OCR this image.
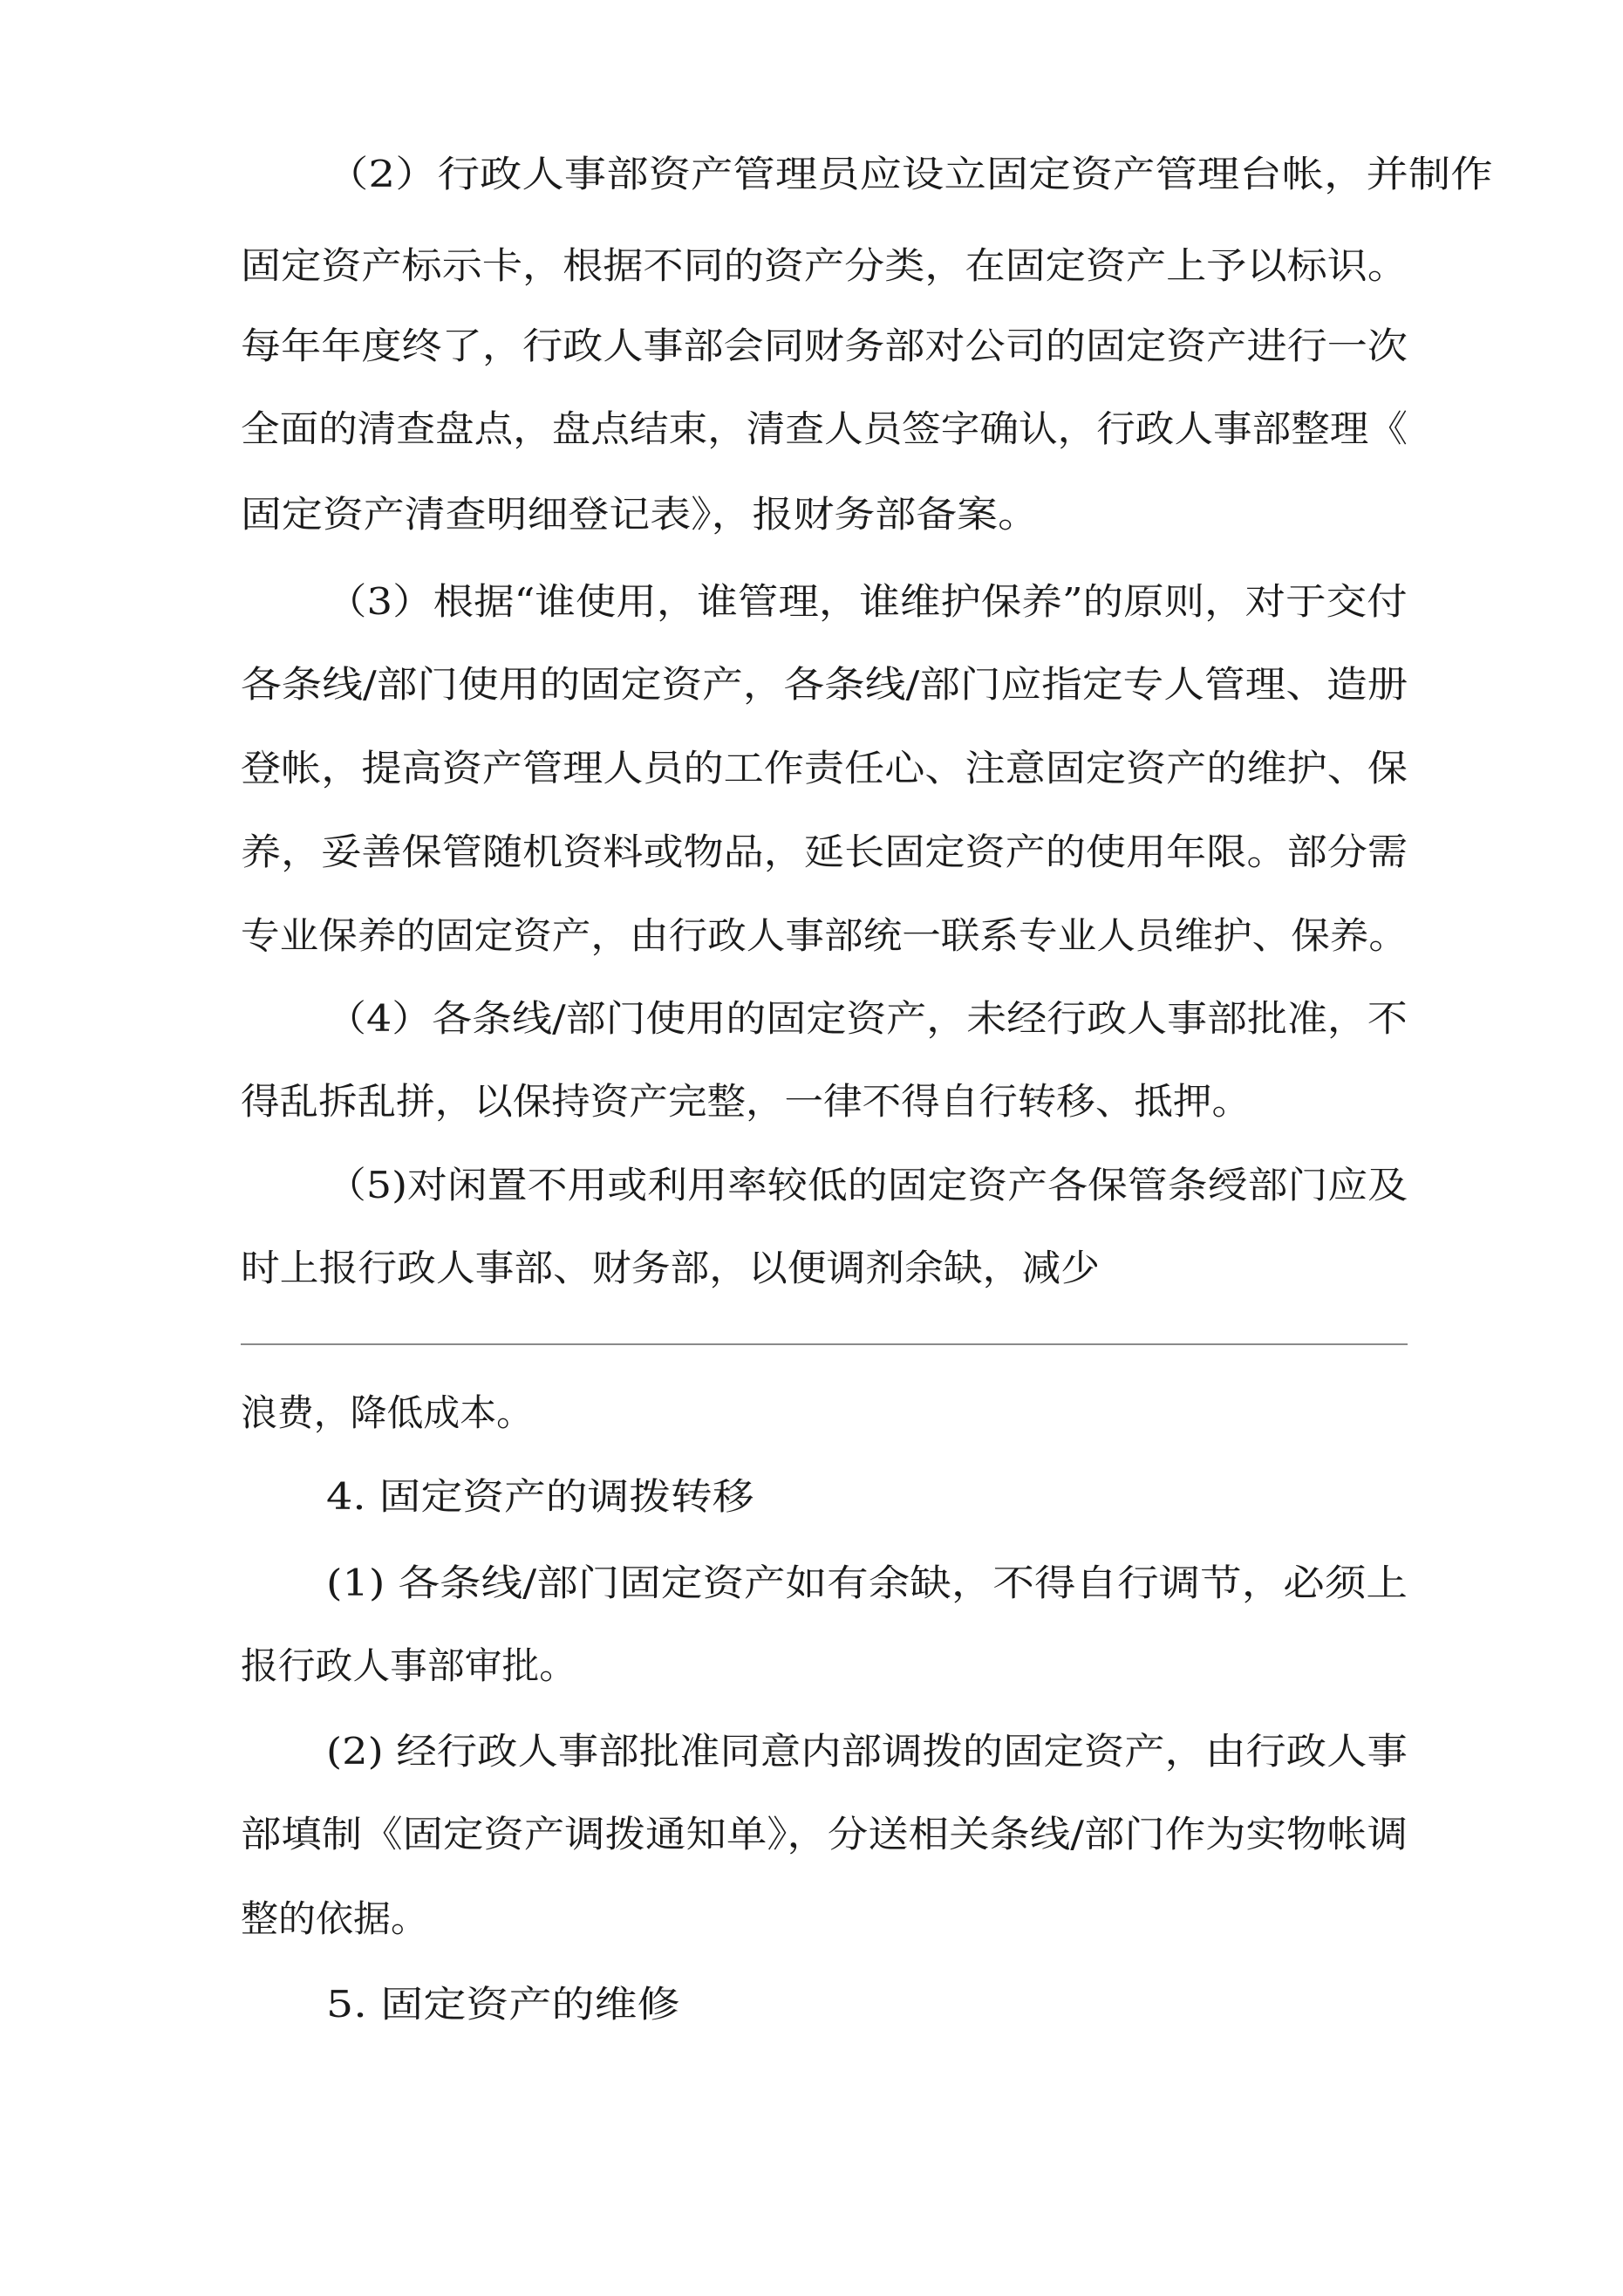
（2）行政人事部资产管理员应设立固定资产管理台帐，并制作
固定资产标示卡，根据不同的资产分类，在固定资产上予以标识。
每年年度终了，行政人事部会同财务部对公司的固定资产进行一次
全面的清查盘点，盘点结束，清查人员签字确认，行政人事部整理《
固定资产清查明细登记表》，报财务部备案。
（3）根据“谁使用，谁管理，谁维护保养”的原则，对于交付
各条线/部门使用的固定资产，各条线/部门应指定专人管理、造册
登帐，提高资产管理人员的工作责任心、注意固定资产的维护、保
养，妥善保管随机资料或物品，延长固定资产的使用年限。部分需
专业保养的固定资产，由行政人事部统一联系专业人员维护、保养。
（4）各条线/部门使用的固定资产，未经行政人事部批准，不
得乱拆乱拼，以保持资产完整，一律不得自行转移、抵押。
（5)对闲置不用或利用率较低的固定资产各保管条绶部门应及
时上报行政人事部、财务部，以便调剂余缺，减少
浪费，降低成本。
4. 固定资产的调拨转移
(1) 各条线/部门固定资产如有余缺，不得自行调节，必须上
报行政人事部审批。
(2) 经行政人事部批准同意内部调拨的固定资产，由行政人事
部填制《固定资产调拨通知单》，分送相关条线/部门作为实物帐调
整的依据。
5. 固定资产的维修
